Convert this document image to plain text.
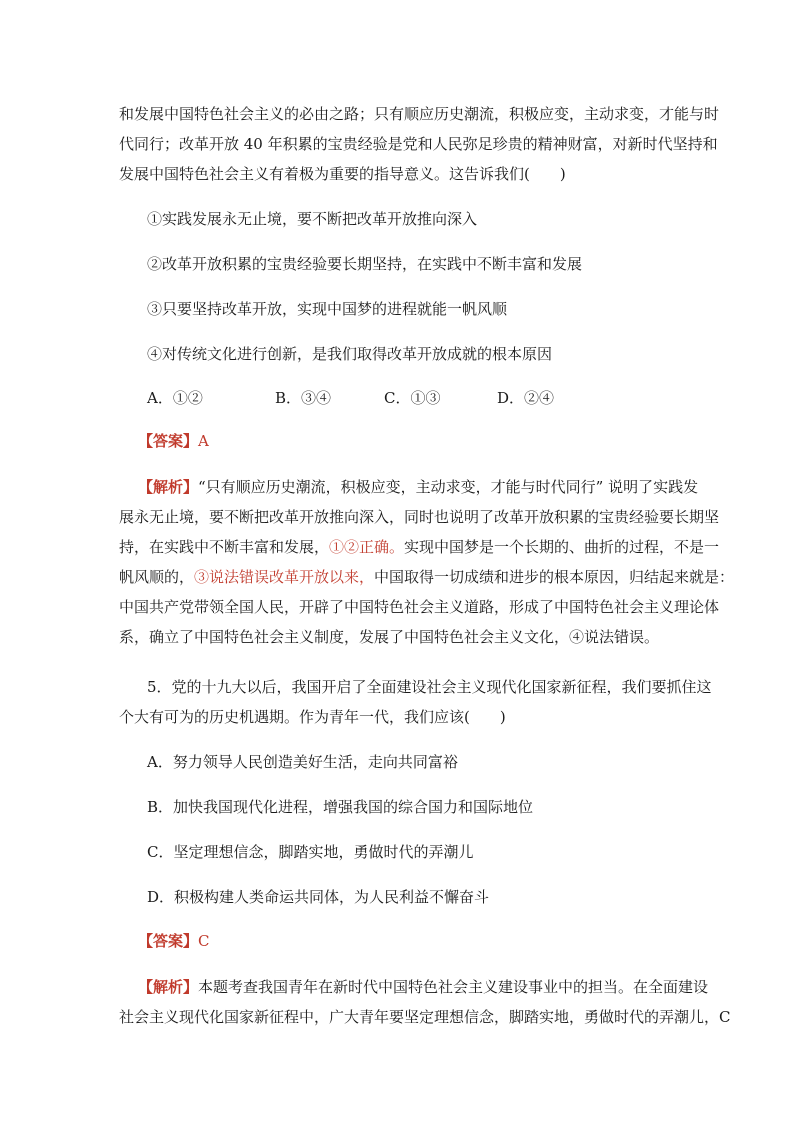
和发展中国特色社会主义的必由之路；只有顺应历史潮流，积极应变，主动求变，才能与时
代同行；改革开放 40 年积累的宝贵经验是党和人民弥足珍贵的精神财富，对新时代坚持和
发展中国特色社会主义有着极为重要的指导意义。这告诉我们(　　)
①实践发展永无止境，要不断把改革开放推向深入
②改革开放积累的宝贵经验要长期坚持，在实践中不断丰富和发展
③只要坚持改革开放，实现中国梦的进程就能一帆风顺
④对传统文化进行创新，是我们取得改革开放成就的根本原因
A．①②	B．③④	C．①③	D．②④
【答案】A
【解析】“只有顺应历史潮流，积极应变，主动求变，才能与时代同行” 说明了实践发
展永无止境，要不断把改革开放推向深入，同时也说明了改革开放积累的宝贵经验要长期坚
持，在实践中不断丰富和发展，①②正确。实现中国梦是一个长期的、曲折的过程，不是一
帆风顺的，③说法错误改革开放以来，中国取得一切成绩和进步的根本原因，归结起来就是：
中国共产党带领全国人民，开辟了中国特色社会主义道路，形成了中国特色社会主义理论体
系，确立了中国特色社会主义制度，发展了中国特色社会主义文化，④说法错误。
5．党的十九大以后，我国开启了全面建设社会主义现代化国家新征程，我们要抓住这
个大有可为的历史机遇期。作为青年一代，我们应该(　　)
A．努力领导人民创造美好生活，走向共同富裕
B．加快我国现代化进程，增强我国的综合国力和国际地位
C．坚定理想信念，脚踏实地，勇做时代的弄潮儿
D．积极构建人类命运共同体，为人民利益不懈奋斗
【答案】C
【解析】本题考查我国青年在新时代中国特色社会主义建设事业中的担当。在全面建设
社会主义现代化国家新征程中，广大青年要坚定理想信念，脚踏实地，勇做时代的弄潮儿，C
